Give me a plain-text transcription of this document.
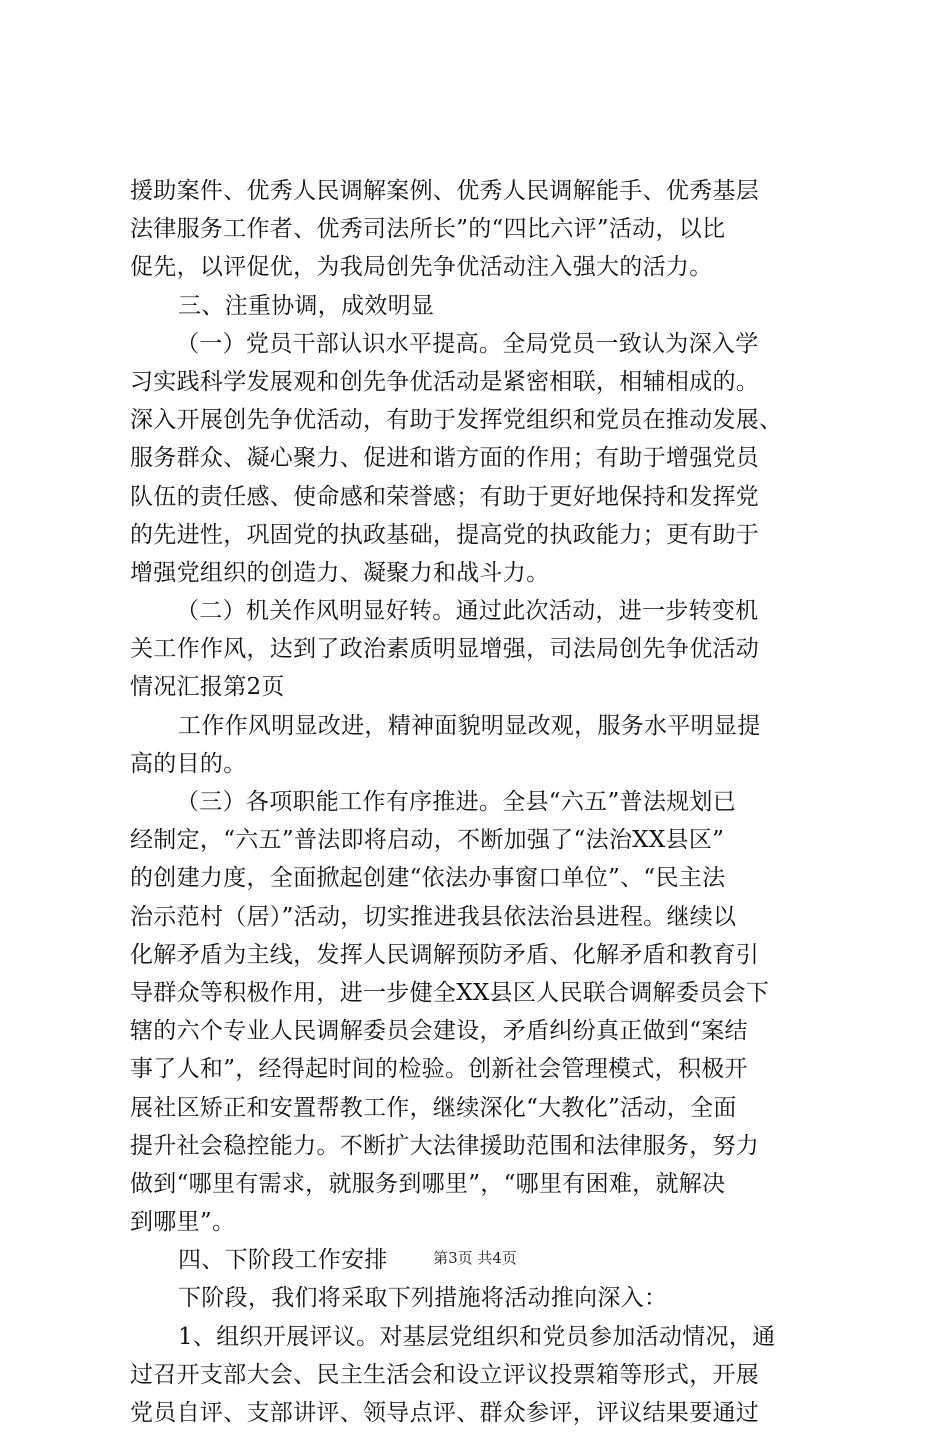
援助案件、优秀人民调解案例、优秀人民调解能手、优秀基层
法律服务工作者、优秀司法所长”的“四比六评”活动，以比
促先，以评促优，为我局创先争优活动注入强大的活力。
三、注重协调，成效明显
（一）党员干部认识水平提高。全局党员一致认为深入学
习实践科学发展观和创先争优活动是紧密相联，相辅相成的。
深入开展创先争优活动，有助于发挥党组织和党员在推动发展、
服务群众、凝心聚力、促进和谐方面的作用；有助于增强党员
队伍的责任感、使命感和荣誉感；有助于更好地保持和发挥党
的先进性，巩固党的执政基础，提高党的执政能力；更有助于
增强党组织的创造力、凝聚力和战斗力。
（二）机关作风明显好转。通过此次活动，进一步转变机
关工作作风，达到了政治素质明显增强，司法局创先争优活动
情况汇报第2页
工作作风明显改进，精神面貌明显改观，服务水平明显提
高的目的。
（三）各项职能工作有序推进。全县“六五”普法规划已
经制定，“六五”普法即将启动，不断加强了“法治XX县区”
的创建力度，全面掀起创建“依法办事窗口单位”、“民主法
治示范村（居）”活动，切实推进我县依法治县进程。继续以
化解矛盾为主线，发挥人民调解预防矛盾、化解矛盾和教育引
导群众等积极作用，进一步健全XX县区人民联合调解委员会下
辖的六个专业人民调解委员会建设，矛盾纠纷真正做到“案结
事了人和”，经得起时间的检验。创新社会管理模式，积极开
展社区矫正和安置帮教工作，继续深化“大教化”活动，全面
提升社会稳控能力。不断扩大法律援助范围和法律服务，努力
做到“哪里有需求，就服务到哪里”，“哪里有困难，就解决
到哪里”。
四、下阶段工作安排
下阶段，我们将采取下列措施将活动推向深入：
1、组织开展评议。对基层党组织和党员参加活动情况，通
过召开支部大会、民主生活会和设立评议投票箱等形式，开展
党员自评、支部讲评、领导点评、群众参评，评议结果要通过
第3页 共4页
